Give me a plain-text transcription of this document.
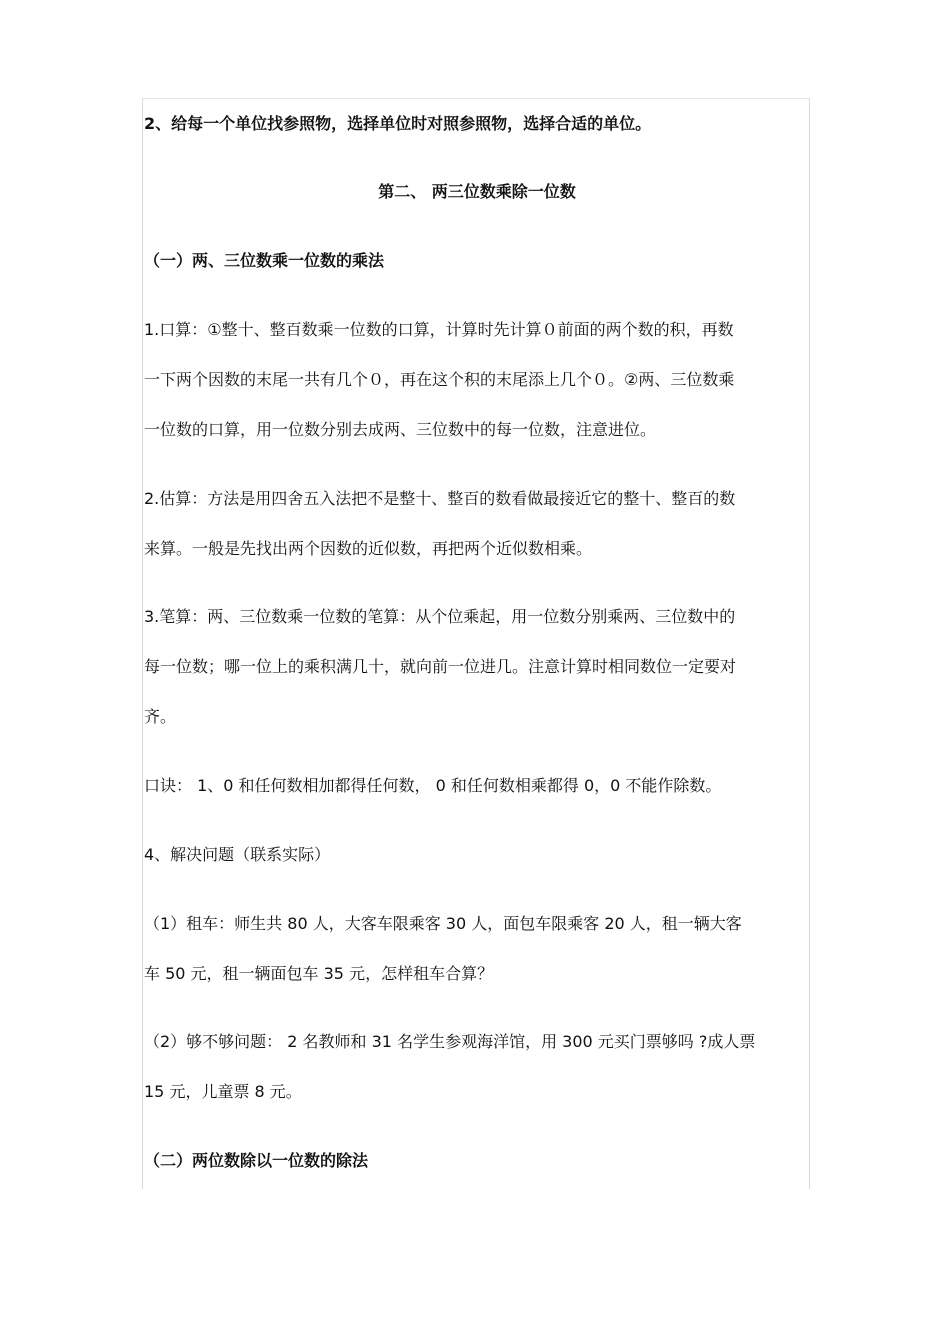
2、给每一个单位找参照物，选择单位时对照参照物，选择合适的单位。
第二、 两三位数乘除一位数
（一）两、三位数乘一位数的乘法
1.口算：①整十、整百数乘一位数的口算，计算时先计算０前面的两个数的积，再数
一下两个因数的末尾一共有几个０，再在这个积的末尾添上几个０。②两、三位数乘
一位数的口算，用一位数分别去成两、三位数中的每一位数，注意进位。
2.估算：方法是用四舍五入法把不是整十、整百的数看做最接近它的整十、整百的数
来算。一般是先找出两个因数的近似数，再把两个近似数相乘。
3.笔算：两、三位数乘一位数的笔算：从个位乘起，用一位数分别乘两、三位数中的
每一位数；哪一位上的乘积满几十，就向前一位进几。注意计算时相同数位一定要对
齐。
口诀： 1、0 和任何数相加都得任何数， 0 和任何数相乘都得 0，0 不能作除数。
4、解决问题（联系实际）
（1）租车：师生共 80 人，大客车限乘客 30 人，面包车限乘客 20 人，租一辆大客
车 50 元，租一辆面包车 35 元，怎样租车合算？
（2）够不够问题： 2 名教师和 31 名学生参观海洋馆，用 300 元买门票够吗 ?成人票
15 元，儿童票 8 元。
（二）两位数除以一位数的除法
